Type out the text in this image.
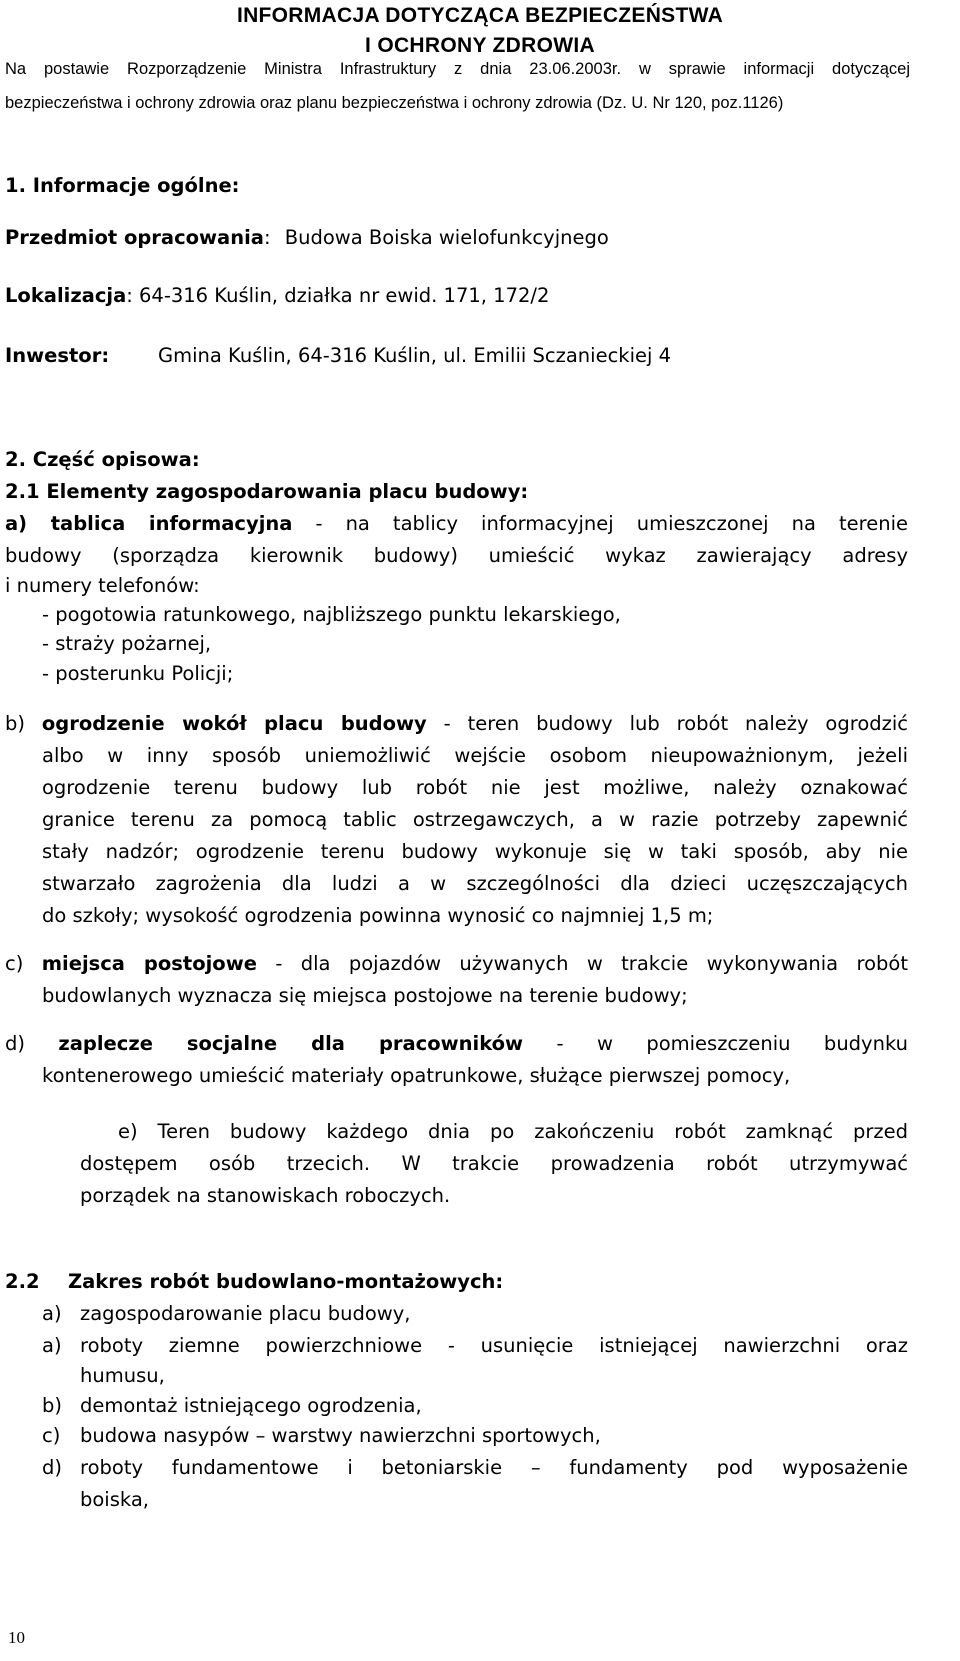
INFORMACJA DOTYCZĄCA BEZPIECZEŃSTWA
I OCHRONY ZDROWIA
Na postawie Rozporządzenie Ministra Infrastruktury z dnia 23.06.2003r. w sprawie informacji dotyczącej
bezpieczeństwa i ochrony zdrowia oraz planu bezpieczeństwa i ochrony zdrowia (Dz. U. Nr 120, poz.1126)
1. Informacje ogólne:
Przedmiot opracowania: Budowa Boiska wielofunkcyjnego
Lokalizacja: 64-316 Kuślin, działka nr ewid. 171, 172/2
Inwestor:	Gmina Kuślin, 64-316 Kuślin, ul. Emilii Sczanieckiej 4
2. Część opisowa:
2.1 Elementy zagospodarowania placu budowy:
a) tablica informacyjna - na tablicy informacyjnej umieszczonej na terenie
budowy (sporządza kierownik budowy) umieścić wykaz zawierający adresy
i numery telefonów:
- pogotowia ratunkowego, najbliższego punktu lekarskiego,
- straży pożarnej,
- posterunku Policji;
b) ogrodzenie wokół placu budowy - teren budowy lub robót należy ogrodzić
albo w inny sposób uniemożliwić wejście osobom nieupoważnionym, jeżeli
ogrodzenie terenu budowy lub robót nie jest możliwe, należy oznakować
granice terenu za pomocą tablic ostrzegawczych, a w razie potrzeby zapewnić
stały nadzór; ogrodzenie terenu budowy wykonuje się w taki sposób, aby nie
stwarzało zagrożenia dla ludzi a w szczególności dla dzieci uczęszczających
do szkoły; wysokość ogrodzenia powinna wynosić co najmniej 1,5 m;
c) miejsca postojowe - dla pojazdów używanych w trakcie wykonywania robót
budowlanych wyznacza się miejsca postojowe na terenie budowy;
d) zaplecze socjalne dla pracowników - w pomieszczeniu budynku
kontenerowego umieścić materiały opatrunkowe, służące pierwszej pomocy,
e) Teren budowy każdego dnia po zakończeniu robót zamknąć przed
dostępem osób trzecich. W trakcie prowadzenia robót utrzymywać
porządek na stanowiskach roboczych.
2.2 Zakres robót budowlano-montażowych:
a) zagospodarowanie placu budowy,
a) roboty ziemne powierzchniowe - usunięcie istniejącej nawierzchni oraz
humusu,
b) demontaż istniejącego ogrodzenia,
c) budowa nasypów – warstwy nawierzchni sportowych,
d) roboty fundamentowe i betoniarskie – fundamenty pod wyposażenie
boiska,
10
